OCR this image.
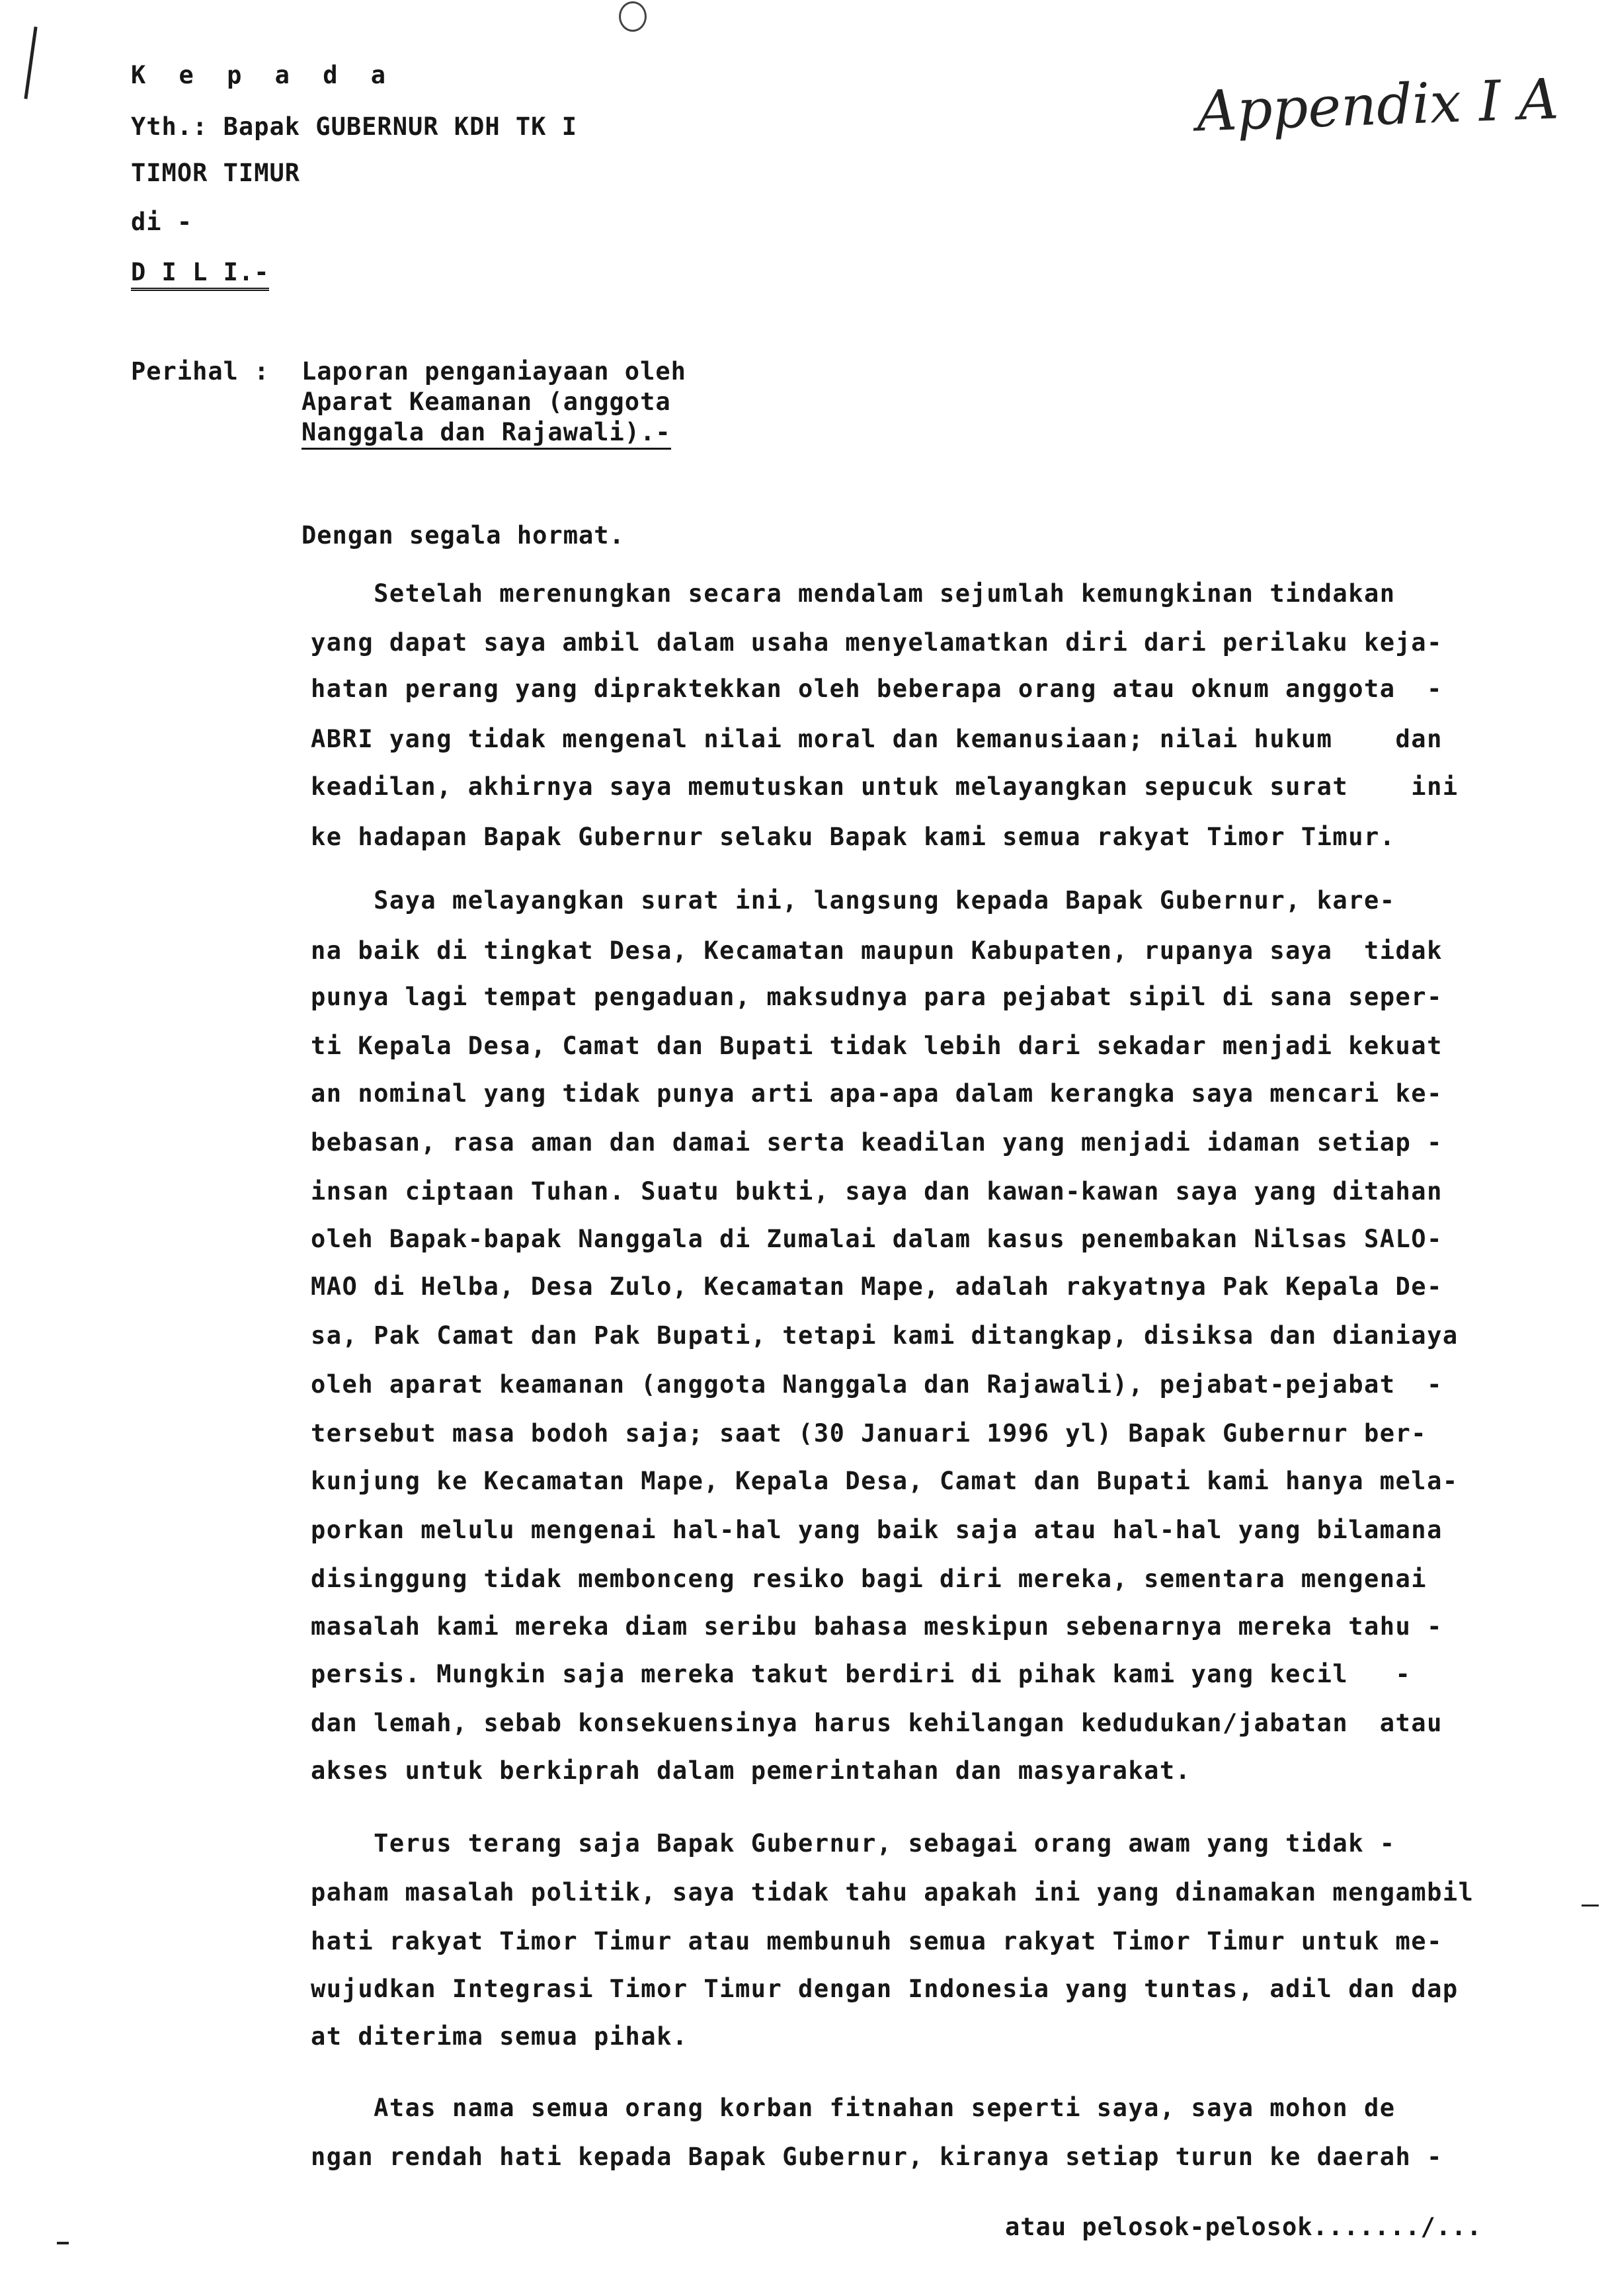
K e p a d a
Yth.: Bapak GUBERNUR KDH TK I
TIMOR TIMUR
di -
D I L I.-
Appendix I A
Perihal : Laporan penganiayaan oleh
Aparat Keamanan (anggota
Nanggala dan Rajawali).-
Dengan segala hormat.
Setelah merenungkan secara mendalam sejumlah kemungkinan tindakan
yang dapat saya ambil dalam usaha menyelamatkan diri dari perilaku keja-
hatan perang yang dipraktekkan oleh beberapa orang atau oknum anggota  -
ABRI yang tidak mengenal nilai moral dan kemanusiaan; nilai hukum    dan
keadilan, akhirnya saya memutuskan untuk melayangkan sepucuk surat    ini
ke hadapan Bapak Gubernur selaku Bapak kami semua rakyat Timor Timur.
Saya melayangkan surat ini, langsung kepada Bapak Gubernur, kare-
na baik di tingkat Desa, Kecamatan maupun Kabupaten, rupanya saya  tidak
punya lagi tempat pengaduan, maksudnya para pejabat sipil di sana seper-
ti Kepala Desa, Camat dan Bupati tidak lebih dari sekadar menjadi kekuat
an nominal yang tidak punya arti apa-apa dalam kerangka saya mencari ke-
bebasan, rasa aman dan damai serta keadilan yang menjadi idaman setiap -
insan ciptaan Tuhan. Suatu bukti, saya dan kawan-kawan saya yang ditahan
oleh Bapak-bapak Nanggala di Zumalai dalam kasus penembakan Nilsas SALO-
MAO di Helba, Desa Zulo, Kecamatan Mape, adalah rakyatnya Pak Kepala De-
sa, Pak Camat dan Pak Bupati, tetapi kami ditangkap, disiksa dan dianiaya
oleh aparat keamanan (anggota Nanggala dan Rajawali), pejabat-pejabat  -
tersebut masa bodoh saja; saat (30 Januari 1996 yl) Bapak Gubernur ber-
kunjung ke Kecamatan Mape, Kepala Desa, Camat dan Bupati kami hanya mela-
porkan melulu mengenai hal-hal yang baik saja atau hal-hal yang bilamana
disinggung tidak membonceng resiko bagi diri mereka, sementara mengenai
masalah kami mereka diam seribu bahasa meskipun sebenarnya mereka tahu -
persis. Mungkin saja mereka takut berdiri di pihak kami yang kecil   -
dan lemah, sebab konsekuensinya harus kehilangan kedudukan/jabatan  atau
akses untuk berkiprah dalam pemerintahan dan masyarakat.
Terus terang saja Bapak Gubernur, sebagai orang awam yang tidak -
paham masalah politik, saya tidak tahu apakah ini yang dinamakan mengambil
hati rakyat Timor Timur atau membunuh semua rakyat Timor Timur untuk me-
wujudkan Integrasi Timor Timur dengan Indonesia yang tuntas, adil dan dap
at diterima semua pihak.
Atas nama semua orang korban fitnahan seperti saya, saya mohon de
ngan rendah hati kepada Bapak Gubernur, kiranya setiap turun ke daerah -
atau pelosok-pelosok......./...
